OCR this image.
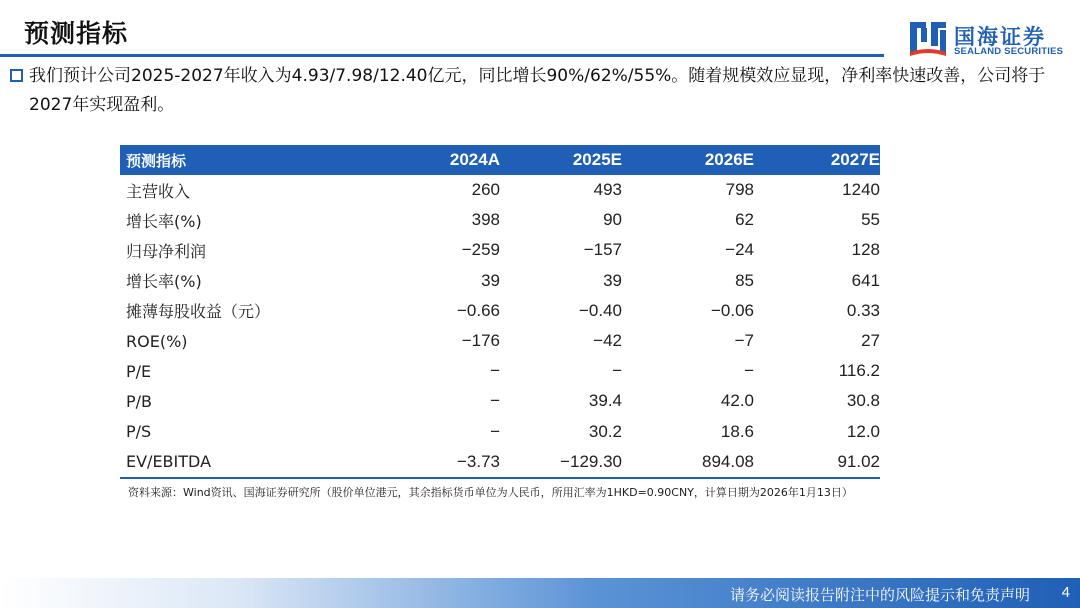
预测指标	国海证券
SEALAND SECURITIES
我们预计公司2025-2027年收入为4.93/7.98/12.40亿元，同比增长90%/62%/55%。随着规模效应显现，净利率快速改善，公司将于2027年实现盈利。
预测指标	2024A	2025E	2026E	2027E
主营收入	260	493	798	1240
增长率(%)	398	90	62	55
归母净利润	−259	−157	−24	128
增长率(%)	39	39	85	641
摊薄每股收益（元）	−0.66	−0.40	−0.06	0.33
ROE(%)	−176	−42	−7	27
P/E	−	−	−	116.2
P/B	−	39.4	42.0	30.8
P/S	−	30.2	18.6	12.0
EV/EBITDA	−3.73	−129.30	894.08	91.02
资料来源：Wind资讯、国海证券研究所（股价单位港元，其余指标货币单位为人民币，所用汇率为1HKD=0.90CNY，计算日期为2026年1月13日）
请务必阅读报告附注中的风险提示和免责声明 4
